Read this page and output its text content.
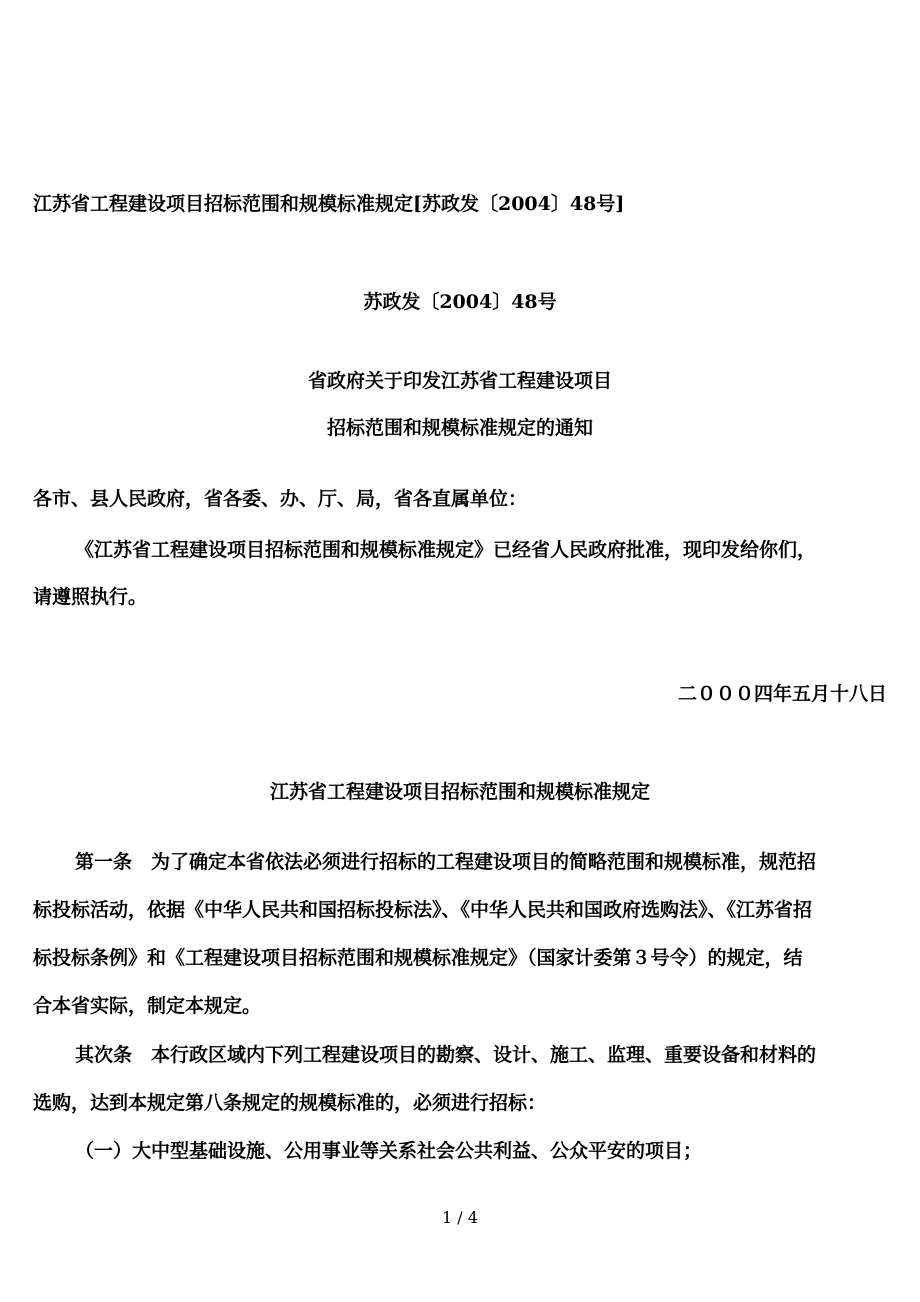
江苏省工程建设项目招标范围和规模标准规定[苏政发〔2004〕48号]
苏政发〔2004〕48号
省政府关于印发江苏省工程建设项目
招标范围和规模标准规定的通知
各市、县人民政府，省各委、办、厅、局，省各直属单位：
《江苏省工程建设项目招标范围和规模标准规定》已经省人民政府批准，现印发给你们，
请遵照执行。
二０００四年五月十八日
江苏省工程建设项目招标范围和规模标准规定
第一条　为了确定本省依法必须进行招标的工程建设项目的简略范围和规模标准，规范招
标投标活动，依据《中华人民共和国招标投标法》、《中华人民共和国政府选购法》、《江苏省招
标投标条例》和《工程建设项目招标范围和规模标准规定》（国家计委第３号令）的规定，结
合本省实际，制定本规定。
其次条　本行政区域内下列工程建设项目的勘察、设计、施工、监理、重要设备和材料的
选购，达到本规定第八条规定的规模标准的，必须进行招标：
（一）大中型基础设施、公用事业等关系社会公共利益、公众平安的项目；
1 / 4
